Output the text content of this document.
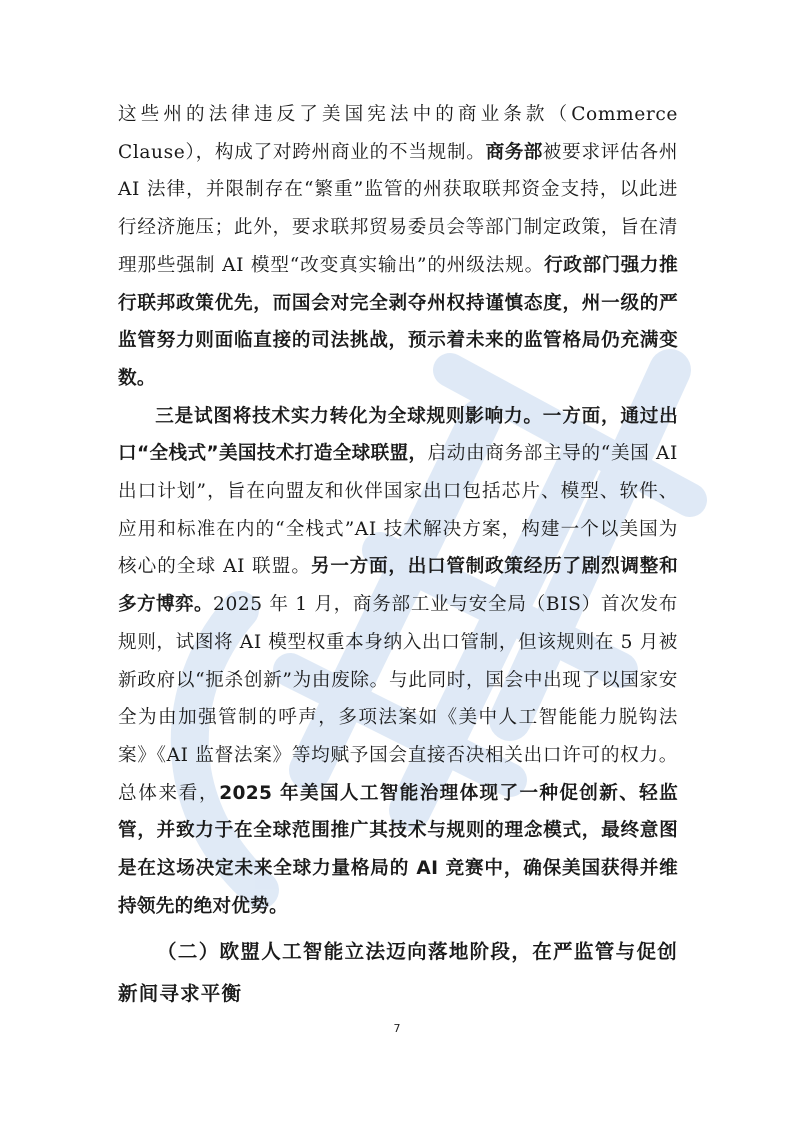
这些州的法律违反了美国宪法中的商业条款（Commerce Clause），构成了对跨州商业的不当规制。商务部被要求评估各州 AI 法律，并限制存在“繁重”监管的州获取联邦资金支持，以此进行经济施压；此外，要求联邦贸易委员会等部门制定政策，旨在清理那些强制 AI 模型“改变真实输出”的州级法规。行政部门强力推行联邦政策优先，而国会对完全剥夺州权持谨慎态度，州一级的严监管努力则面临直接的司法挑战，预示着未来的监管格局仍充满变数。

三是试图将技术实力转化为全球规则影响力。一方面，通过出口“全栈式”美国技术打造全球联盟，启动由商务部主导的“美国 AI 出口计划”，旨在向盟友和伙伴国家出口包括芯片、模型、软件、应用和标准在内的“全栈式”AI 技术解决方案，构建一个以美国为核心的全球 AI 联盟。另一方面，出口管制政策经历了剧烈调整和多方博弈。2025 年 1 月，商务部工业与安全局（BIS）首次发布规则，试图将 AI 模型权重本身纳入出口管制，但该规则在 5 月被新政府以“扼杀创新”为由废除。与此同时，国会中出现了以国家安全为由加强管制的呼声，多项法案如《美中人工智能能力脱钩法案》《AI 监督法案》等均赋予国会直接否决相关出口许可的权力。总体来看，2025 年美国人工智能治理体现了一种促创新、轻监管，并致力于在全球范围推广其技术与规则的理念模式，最终意图是在这场决定未来全球力量格局的 AI 竞赛中，确保美国获得并维持领先的绝对优势。

（二）欧盟人工智能立法迈向落地阶段，在严监管与促创新间寻求平衡

7
